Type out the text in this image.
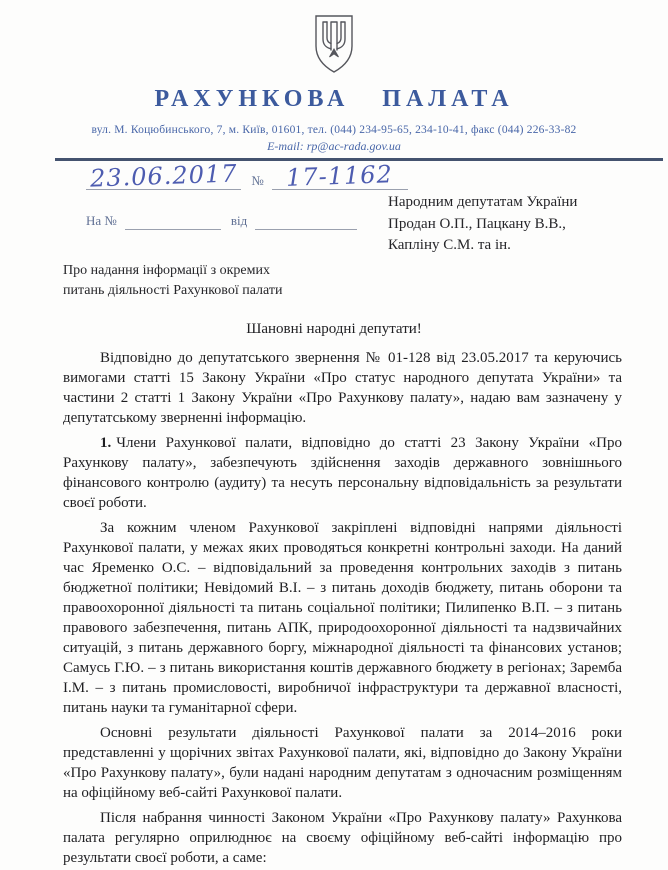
РАХУНКОВА ПАЛАТА
вул. М. Коцюбинського, 7, м. Київ, 01601, тел. (044) 234-95-65, 234-10-41, факс (044) 226-33-82
E-mail: rp@ac-rada.gov.ua
23.06.2017 № 17-1162
На №	від
Народним депутатам України
Продан О.П., Пацкану В.В.,
Капліну С.М. та ін.
Про надання інформації з окремих
питань діяльності Рахункової палати
Шановні народні депутати!

Відповідно до депутатського звернення № 01-128 від 23.05.2017 та керуючись вимогами статті 15 Закону України «Про статус народного депутата України» та частини 2 статті 1 Закону України «Про Рахункову палату», надаю вам зазначену у депутатському зверненні інформацію.

1. Члени Рахункової палати, відповідно до статті 23 Закону України «Про Рахункову палату», забезпечують здійснення заходів державного зовнішнього фінансового контролю (аудиту) та несуть персональну відповідальність за результати своєї роботи.

За кожним членом Рахункової закріплені відповідні напрями діяльності Рахункової палати, у межах яких проводяться конкретні контрольні заходи. На даний час Яременко О.С. – відповідальний за проведення контрольних заходів з питань бюджетної політики; Невідомий В.І. – з питань доходів бюджету, питань оборони та правоохоронної діяльності та питань соціальної політики; Пилипенко В.П. – з питань правового забезпечення, питань АПК, природоохоронної діяльності та надзвичайних ситуацій, з питань державного боргу, міжнародної діяльності та фінансових установ; Самусь Г.Ю. – з питань використання коштів державного бюджету в регіонах; Заремба І.М. – з питань промисловості, виробничої інфраструктури та державної власності, питань науки та гуманітарної сфери.

Основні результати діяльності Рахункової палати за 2014–2016 роки представленні у щорічних звітах Рахункової палати, які, відповідно до Закону України «Про Рахункову палату», були надані народним депутатам з одночасним розміщенням на офіційному веб-сайті Рахункової палати.

Після набрання чинності Законом України «Про Рахункову палату» Рахункова палата регулярно оприлюднює на своєму офіційному веб-сайті інформацію про результати своєї роботи, а саме:
